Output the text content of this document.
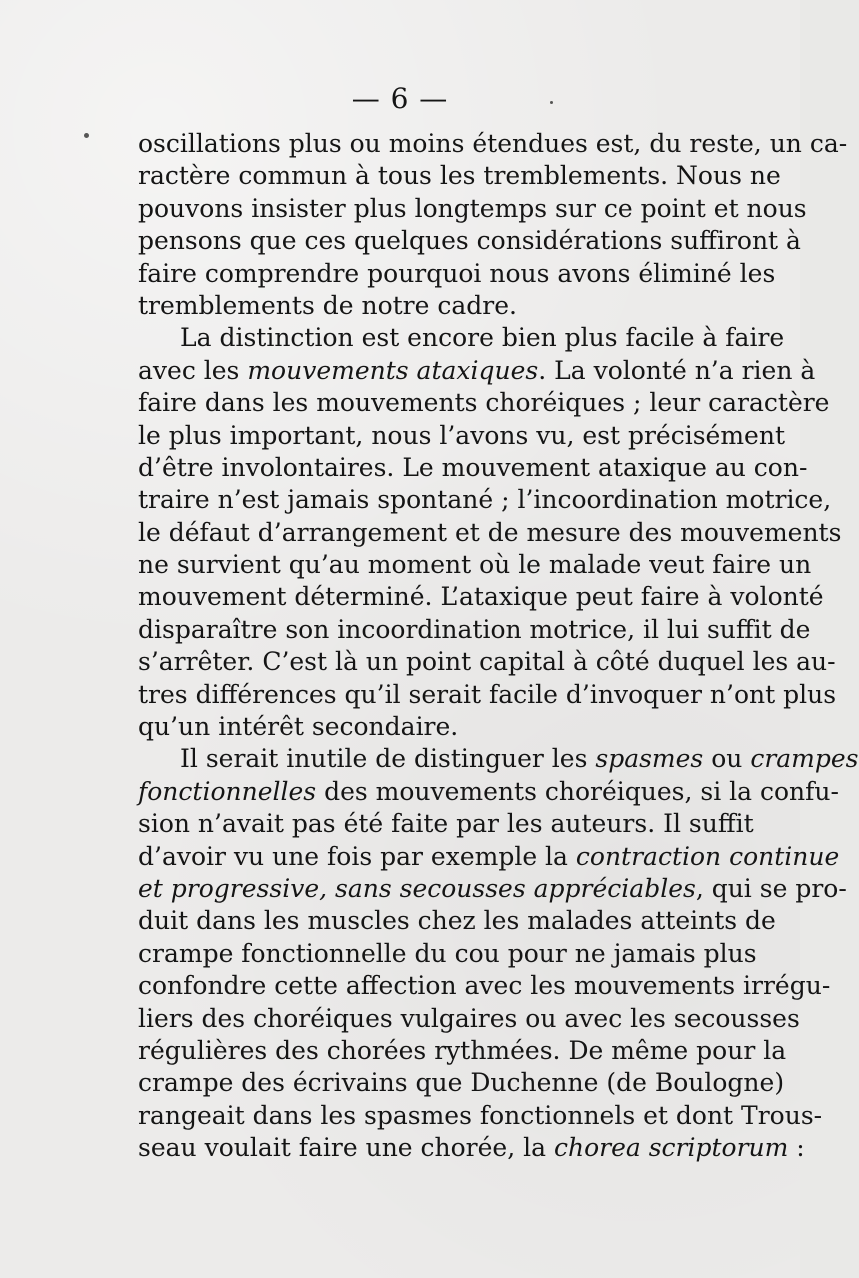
— 6 —
oscillations plus ou moins étendues est, du reste, un ca-
ractère commun à tous les tremblements. Nous ne
pouvons insister plus longtemps sur ce point et nous
pensons que ces quelques considérations suffiront à
faire comprendre pourquoi nous avons éliminé les
tremblements de notre cadre.
La distinction est encore bien plus facile à faire
avec les mouvements ataxiques. La volonté n’a rien à
faire dans les mouvements choréiques ; leur caractère
le plus important, nous l’avons vu, est précisément
d’être involontaires. Le mouvement ataxique au con-
traire n’est jamais spontané ; l’incoordination motrice,
le défaut d’arrangement et de mesure des mouvements
ne survient qu’au moment où le malade veut faire un
mouvement déterminé. L’ataxique peut faire à volonté
disparaître son incoordination motrice, il lui suffit de
s’arrêter. C’est là un point capital à côté duquel les au-
tres différences qu’il serait facile d’invoquer n’ont plus
qu’un intérêt secondaire.
Il serait inutile de distinguer les spasmes ou crampes
fonctionnelles des mouvements choréiques, si la confu-
sion n’avait pas été faite par les auteurs. Il suffit
d’avoir vu une fois par exemple la contraction continue
et progressive, sans secousses appréciables, qui se pro-
duit dans les muscles chez les malades atteints de
crampe fonctionnelle du cou pour ne jamais plus
confondre cette affection avec les mouvements irrégu-
liers des choréiques vulgaires ou avec les secousses
régulières des chorées rythmées. De même pour la
crampe des écrivains que Duchenne (de Boulogne)
rangeait dans les spasmes fonctionnels et dont Trous-
seau voulait faire une chorée, la chorea scriptorum :
